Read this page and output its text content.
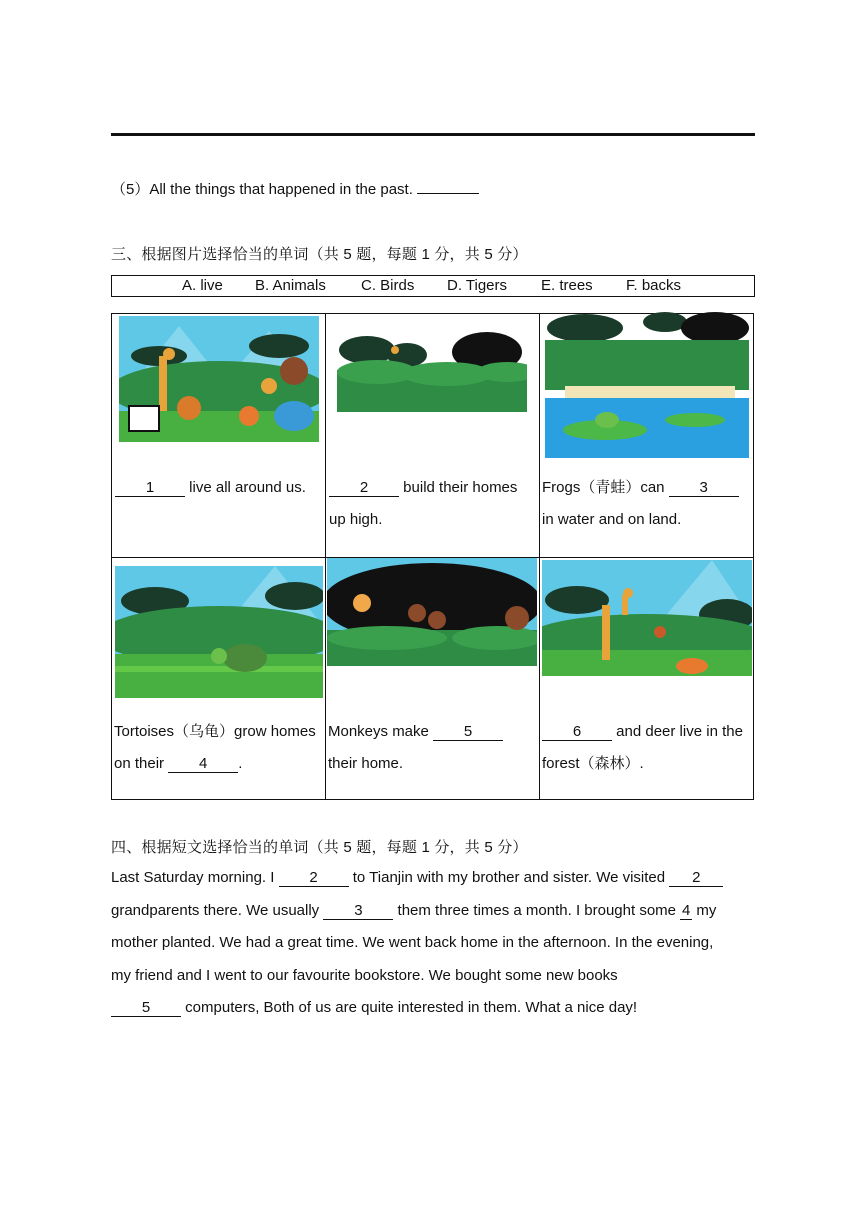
（5）All the things that happened in the past.
三、根据图片选择恰当的单词（共 5 题，每题 1 分，共 5 分）
A. live B. Animals C. Birds D. Tigers E. trees F. backs
1 live all around us.	2 build their homes
up high.
Frogs（青蛙）can 3
in water and on land.
Tortoises（乌龟）grow homes
on their 4 .
Monkeys make 5
their home.
6 and deer live in the
forest（森林）.
四、根据短文选择恰当的单词（共 5 题，每题 1 分，共 5 分）
Last Saturday morning. I 2 to Tianjin with my brother and sister. We visited 2
grandparents there. We usually 3 them three times a month. I brought some 4 my
mother planted. We had a great time. We went back home in the afternoon. In the evening,
my friend and I went to our favourite bookstore. We bought some new books
5 computers, Both of us are quite interested in them. What a nice day!
